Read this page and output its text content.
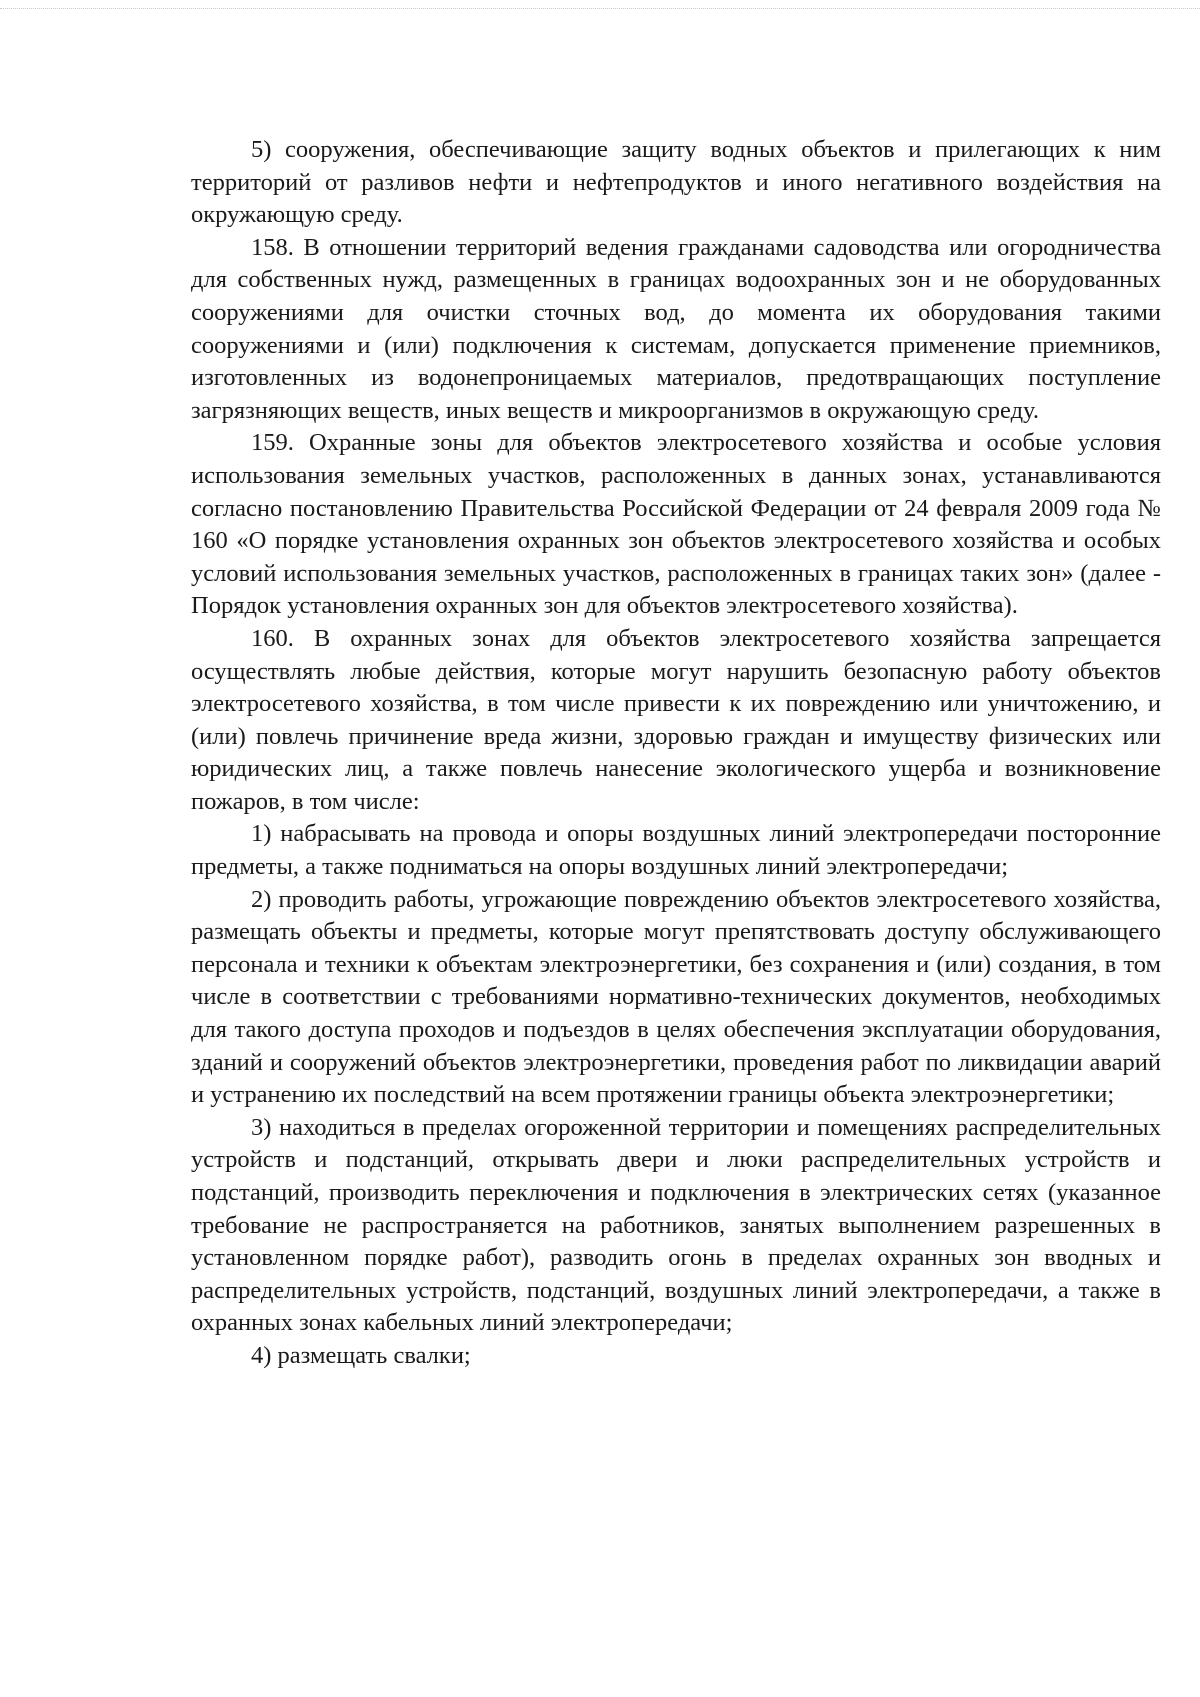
5) сооружения, обеспечивающие защиту водных объектов и прилегающих к ним территорий от разливов нефти и нефтепродуктов и иного негативного воздействия на окружающую среду.

158. В отношении территорий ведения гражданами садоводства или огородничества для собственных нужд, размещенных в границах водоохранных зон и не оборудованных сооружениями для очистки сточных вод, до момента их оборудования такими сооружениями и (или) подключения к системам, допускается применение приемников, изготовленных из водонепроницаемых материалов, предотвращающих поступление загрязняющих веществ, иных веществ и микроорганизмов в окружающую среду.

159. Охранные зоны для объектов электросетевого хозяйства и особые условия использования земельных участков, расположенных в данных зонах, устанавливаются согласно постановлению Правительства Российской Федерации от 24 февраля 2009 года № 160 «О порядке установления охранных зон объектов электросетевого хозяйства и особых условий использования земельных участков, расположенных в границах таких зон» (далее - Порядок установления охранных зон для объектов электросетевого хозяйства).

160. В охранных зонах для объектов электросетевого хозяйства запрещается осуществлять любые действия, которые могут нарушить безопасную работу объектов электросетевого хозяйства, в том числе привести к их повреждению или уничтожению, и (или) повлечь причинение вреда жизни, здоровью граждан и имуществу физических или юридических лиц, а также повлечь нанесение экологического ущерба и возникновение пожаров, в том числе:

1) набрасывать на провода и опоры воздушных линий электропередачи посторонние предметы, а также подниматься на опоры воздушных линий электропередачи;

2) проводить работы, угрожающие повреждению объектов электросетевого хозяйства, размещать объекты и предметы, которые могут препятствовать доступу обслуживающего персонала и техники к объектам электроэнергетики, без сохранения и (или) создания, в том числе в соответствии с требованиями нормативно-технических документов, необходимых для такого доступа проходов и подъездов в целях обеспечения эксплуатации оборудования, зданий и сооружений объектов электроэнергетики, проведения работ по ликвидации аварий и устранению их последствий на всем протяжении границы объекта электроэнергетики;

3) находиться в пределах огороженной территории и помещениях распределительных устройств и подстанций, открывать двери и люки распределительных устройств и подстанций, производить переключения и подключения в электрических сетях (указанное требование не распространяется на работников, занятых выполнением разрешенных в установленном порядке работ), разводить огонь в пределах охранных зон вводных и распределительных устройств, подстанций, воздушных линий электропередачи, а также в охранных зонах кабельных линий электропередачи;

4) размещать свалки;
